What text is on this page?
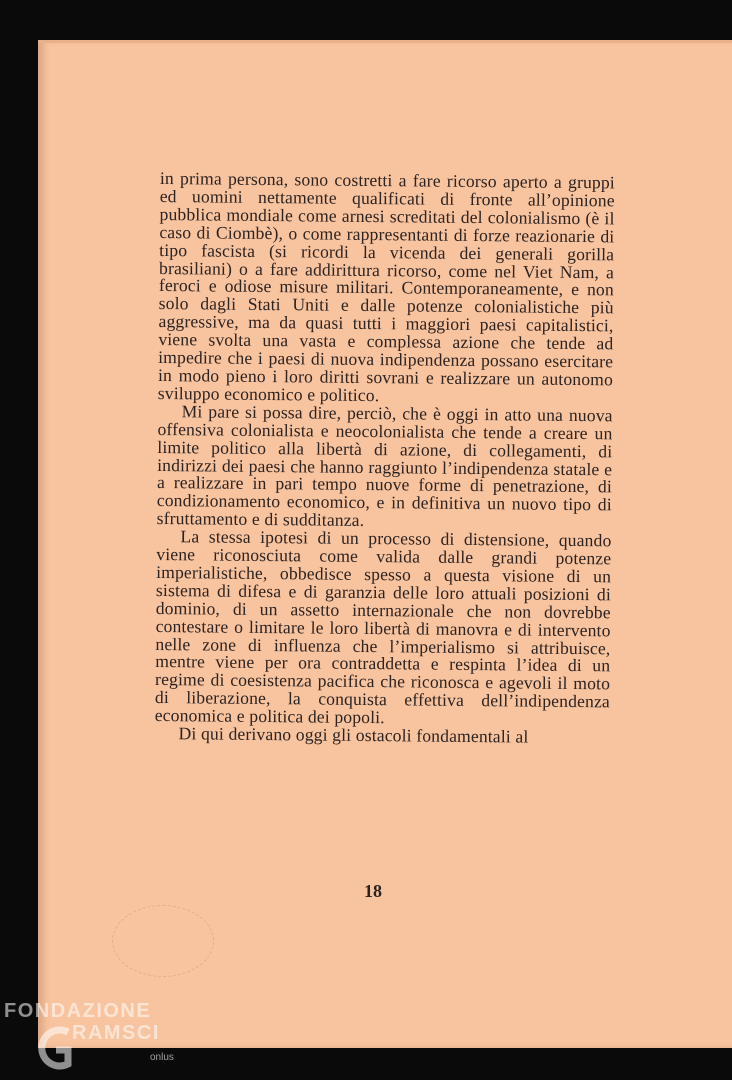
in prima persona, sono costretti a fare ricorso aperto a gruppi ed uomini nettamente qualificati di fronte all’opinione pubblica mondiale come arnesi screditati del colonialismo (è il caso di Ciombè), o come rappresentanti di forze reazionarie di tipo fascista (si ricordi la vicenda dei generali gorilla brasiliani) o a fare addirittura ricorso, come nel Viet Nam, a feroci e odiose misure militari. Contemporaneamente, e non solo dagli Stati Uniti e dalle potenze colonialistiche più aggressive, ma da quasi tutti i maggiori paesi capitalistici, viene svolta una vasta e complessa azione che tende ad impedire che i paesi di nuova indipendenza possano esercitare in modo pieno i loro diritti sovrani e realizzare un autonomo sviluppo economico e politico.

Mi pare si possa dire, perciò, che è oggi in atto una nuova offensiva colonialista e neocolonialista che tende a creare un limite politico alla libertà di azione, di collegamenti, di indirizzi dei paesi che hanno raggiunto l’indipendenza statale e a realizzare in pari tempo nuove forme di penetrazione, di condizionamento economico, e in definitiva un nuovo tipo di sfruttamento e di sudditanza.

La stessa ipotesi di un processo di distensione, quando viene riconosciuta come valida dalle grandi potenze imperialistiche, obbedisce spesso a questa visione di un sistema di difesa e di garanzia delle loro attuali posizioni di dominio, di un assetto internazionale che non dovrebbe contestare o limitare le loro libertà di manovra e di intervento nelle zone di influenza che l’imperialismo si attribuisce, mentre viene per ora contraddetta e respinta l’idea di un regime di coesistenza pacifica che riconosca e agevoli il moto di liberazione, la conquista effettiva dell’indipendenza economica e politica dei popoli.

Di qui derivano oggi gli ostacoli fondamentali al

18
FONDAZIONE
RAMSCI
onlus
